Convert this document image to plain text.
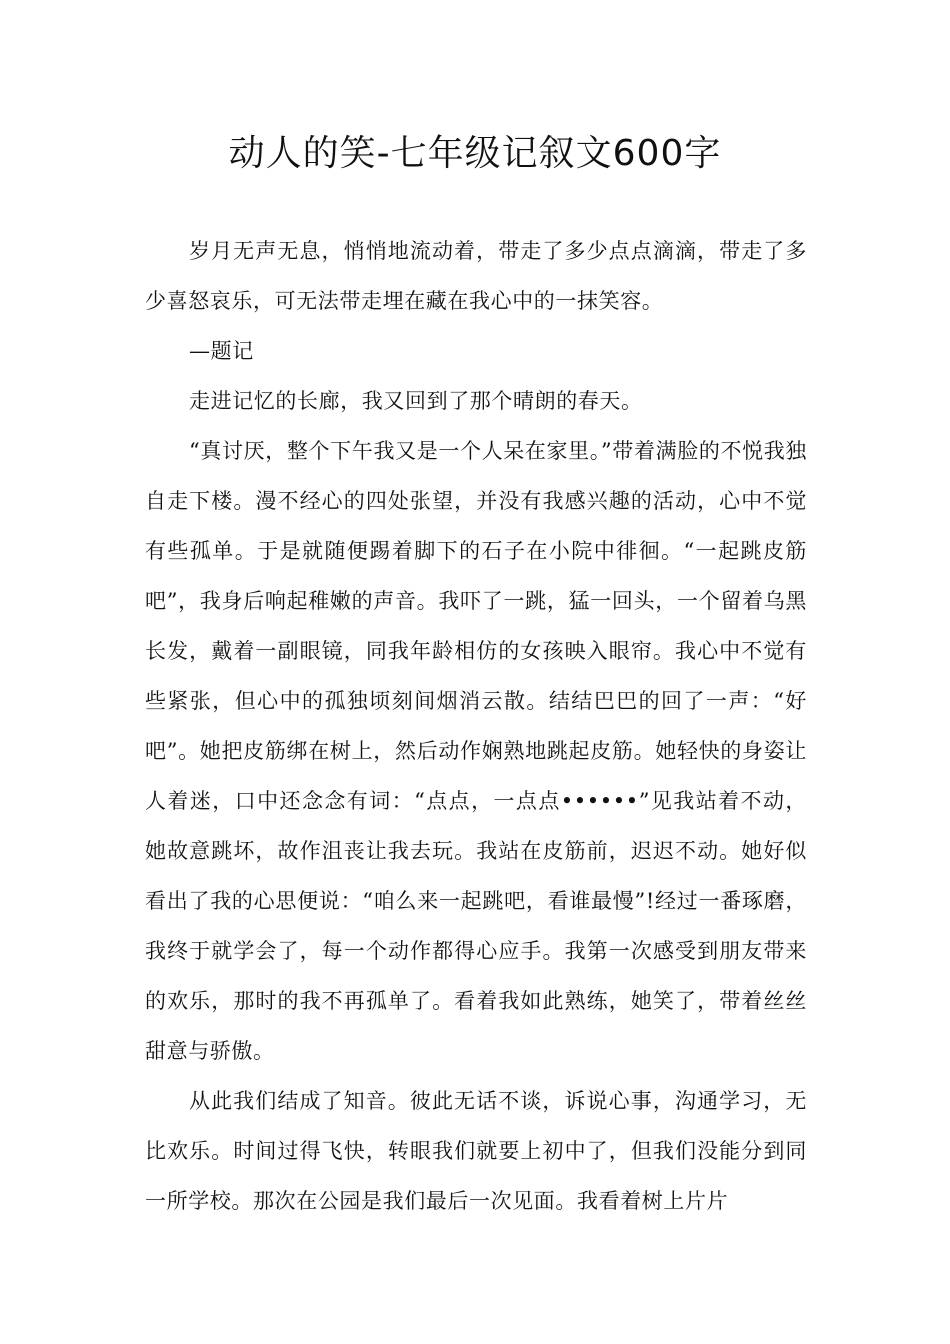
动人的笑-七年级记叙文600字

岁月无声无息，悄悄地流动着，带走了多少点点滴滴，带走了多少喜怒哀乐，可无法带走埋在藏在我心中的一抹笑容。

—题记

走进记忆的长廊，我又回到了那个晴朗的春天。

“真讨厌，整个下午我又是一个人呆在家里。”带着满脸的不悦我独自走下楼。漫不经心的四处张望，并没有我感兴趣的活动，心中不觉有些孤单。于是就随便踢着脚下的石子在小院中徘徊。“一起跳皮筋吧”，我身后响起稚嫩的声音。我吓了一跳，猛一回头，一个留着乌黑长发，戴着一副眼镜，同我年龄相仿的女孩映入眼帘。我心中不觉有些紧张，但心中的孤独顷刻间烟消云散。结结巴巴的回了一声：“好吧”。她把皮筋绑在树上，然后动作娴熟地跳起皮筋。她轻快的身姿让人着迷，口中还念念有词：“点点，一点点••••••”见我站着不动，她故意跳坏，故作沮丧让我去玩。我站在皮筋前，迟迟不动。她好似看出了我的心思便说：“咱么来一起跳吧，看谁最慢”!经过一番琢磨，我终于就学会了，每一个动作都得心应手。我第一次感受到朋友带来的欢乐，那时的我不再孤单了。看着我如此熟练，她笑了，带着丝丝甜意与骄傲。

从此我们结成了知音。彼此无话不谈，诉说心事，沟通学习，无比欢乐。时间过得飞快，转眼我们就要上初中了，但我们没能分到同一所学校。那次在公园是我们最后一次见面。我看着树上片片
